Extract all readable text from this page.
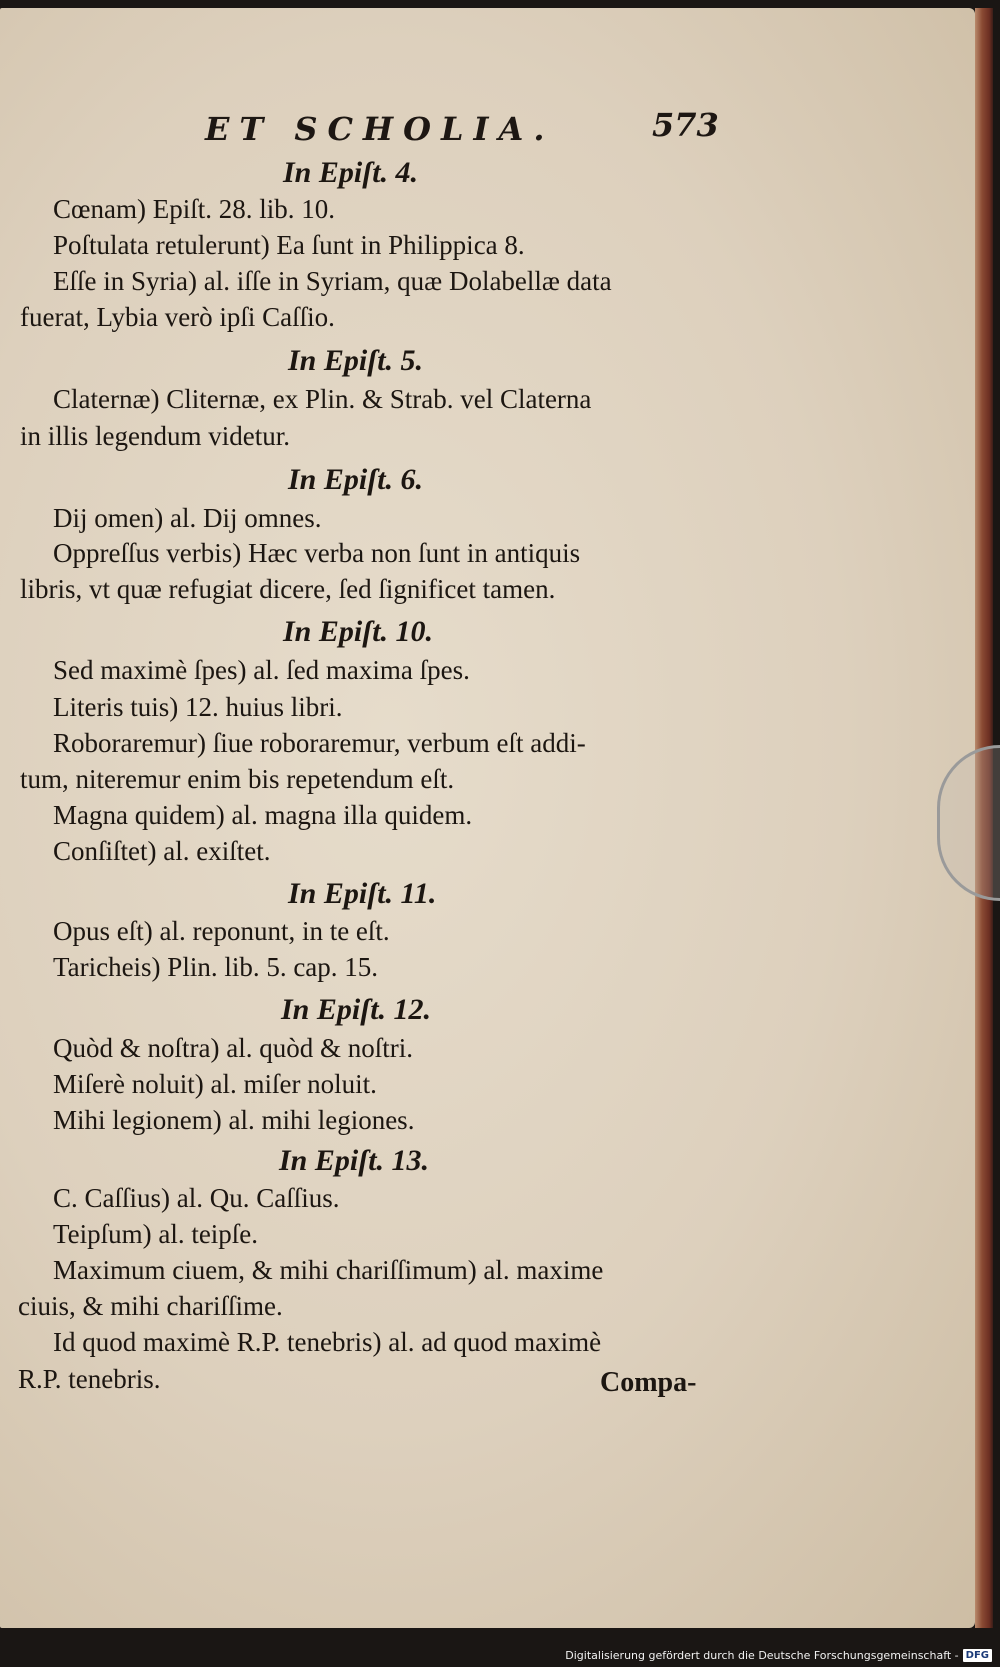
ET SCHOLIA.	573
In Epiſt. 4.
Cœnam) Epiſt. 28. lib. 10.
Poſtulata retulerunt) Ea ſunt in Philippica 8.
Eſſe in Syria) al. iſſe in Syriam, quæ Dolabellæ data
fuerat, Lybia verò ipſi Caſſio.
In Epiſt. 5.
Claternæ) Cliternæ, ex Plin. & Strab. vel Claterna
in illis legendum videtur.
In Epiſt. 6.
Dij omen) al. Dij omnes.
Oppreſſus verbis) Hæc verba non ſunt in antiquis
libris, vt quæ refugiat dicere, ſed ſignificet tamen.
In Epiſt. 10.
Sed maximè ſpes) al. ſed maxima ſpes.
Literis tuis) 12. huius libri.
Roboraremur) ſiue roboraremur, verbum eſt addi-
tum, niteremur enim bis repetendum eſt.
Magna quidem) al. magna illa quidem.
Conſiſtet) al. exiſtet.
In Epiſt. 11.
Opus eſt) al. reponunt, in te eſt.
Taricheis) Plin. lib. 5. cap. 15.
In Epiſt. 12.
Quòd & noſtra) al. quòd & noſtri.
Miſerè noluit) al. miſer noluit.
Mihi legionem) al. mihi legiones.
In Epiſt. 13.
C. Caſſius) al. Qu. Caſſius.
Teipſum) al. teipſe.
Maximum ciuem, & mihi chariſſimum) al. maxime
ciuis, & mihi chariſſime.
Id quod maximè R.P. tenebris) al. ad quod maximè
R.P. tenebris.	Compa-
Digitalisierung gefördert durch die Deutsche Forschungsgemeinschaft - DFG
